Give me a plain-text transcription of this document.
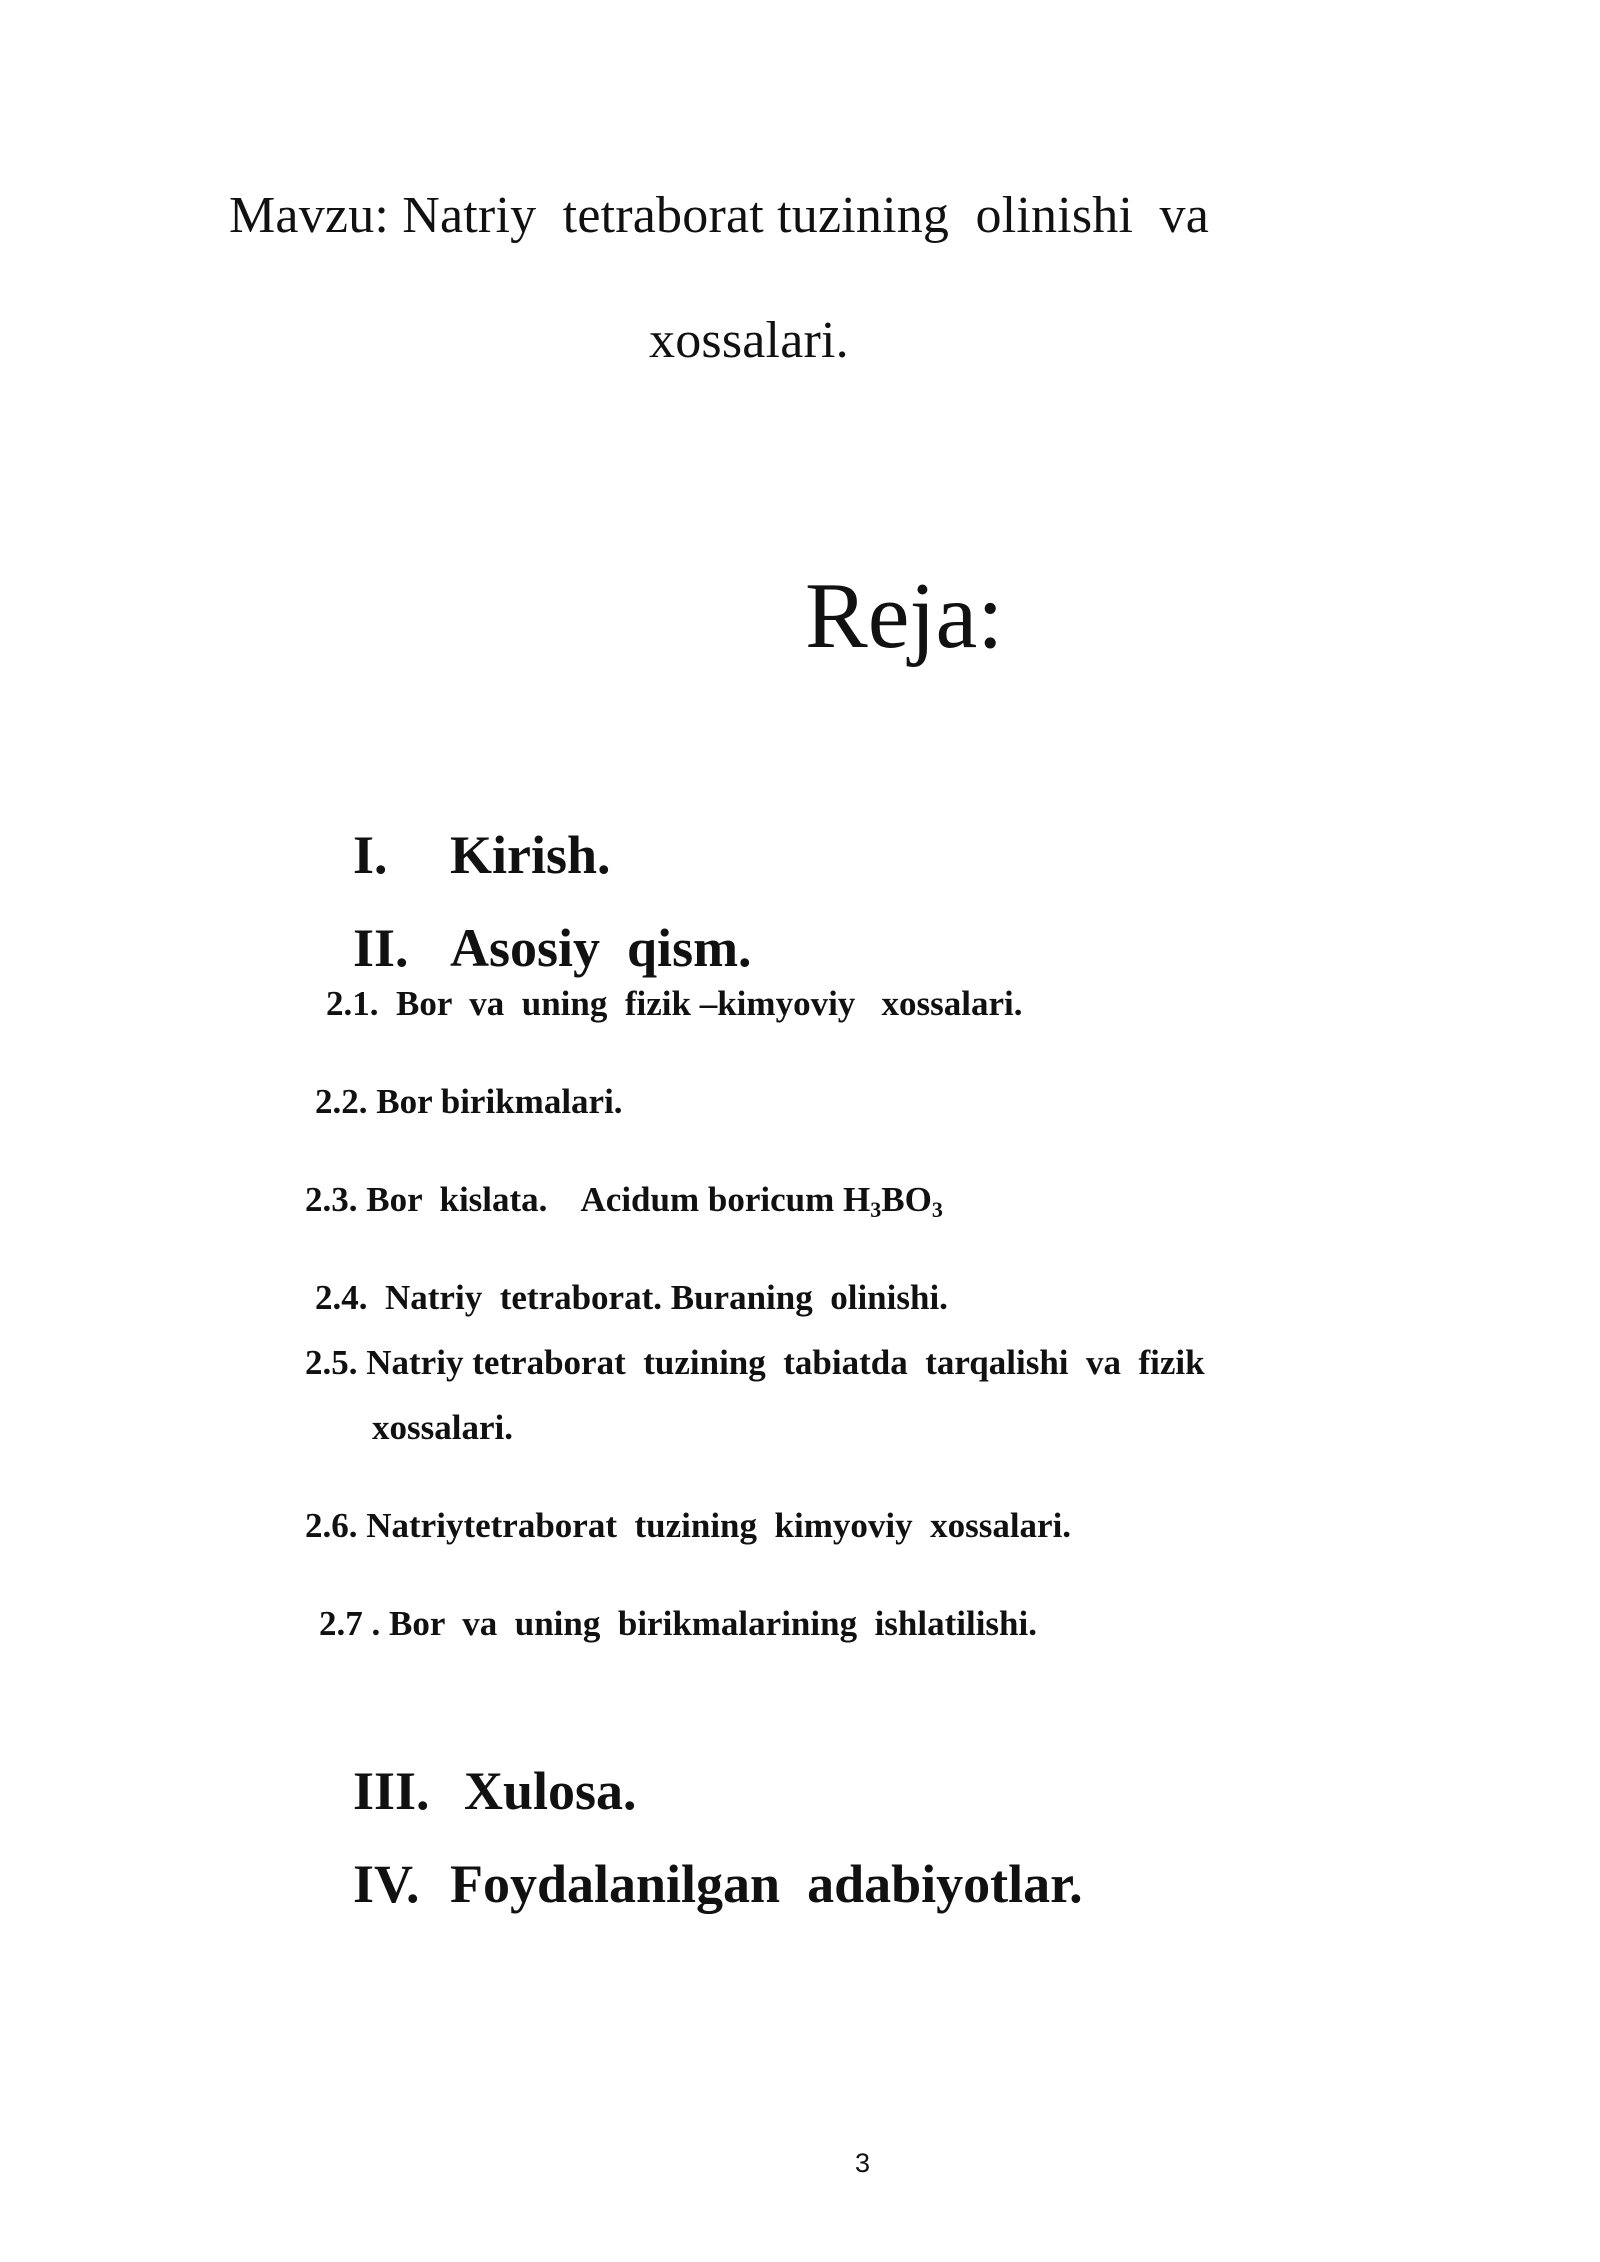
Mavzu: Natriy  tetraborat tuzining  olinishi  va
xossalari.
Reja:

I. Kirish.

II. Asosiy  qism.

2.1.  Bor  va  uning  fizik –kimyoviy   xossalari.
2.2. Bor birikmalari.
2.3. Bor  kislata.    Acidum boricum $H_3BO_3$
2.4.  Natriy  tetraborat. Buraning  olinishi.
2.5. Natriy tetraborat  tuzining  tabiatda  tarqalishi  va  fizik
xossalari.
2.6. Natriytetraborat  tuzining  kimyoviy  xossalari.
2.7 . Bor  va  uning  birikmalarining  ishlatilishi.

III. Xulosa.

IV. Foydalanilgan  adabiyotlar.

3
